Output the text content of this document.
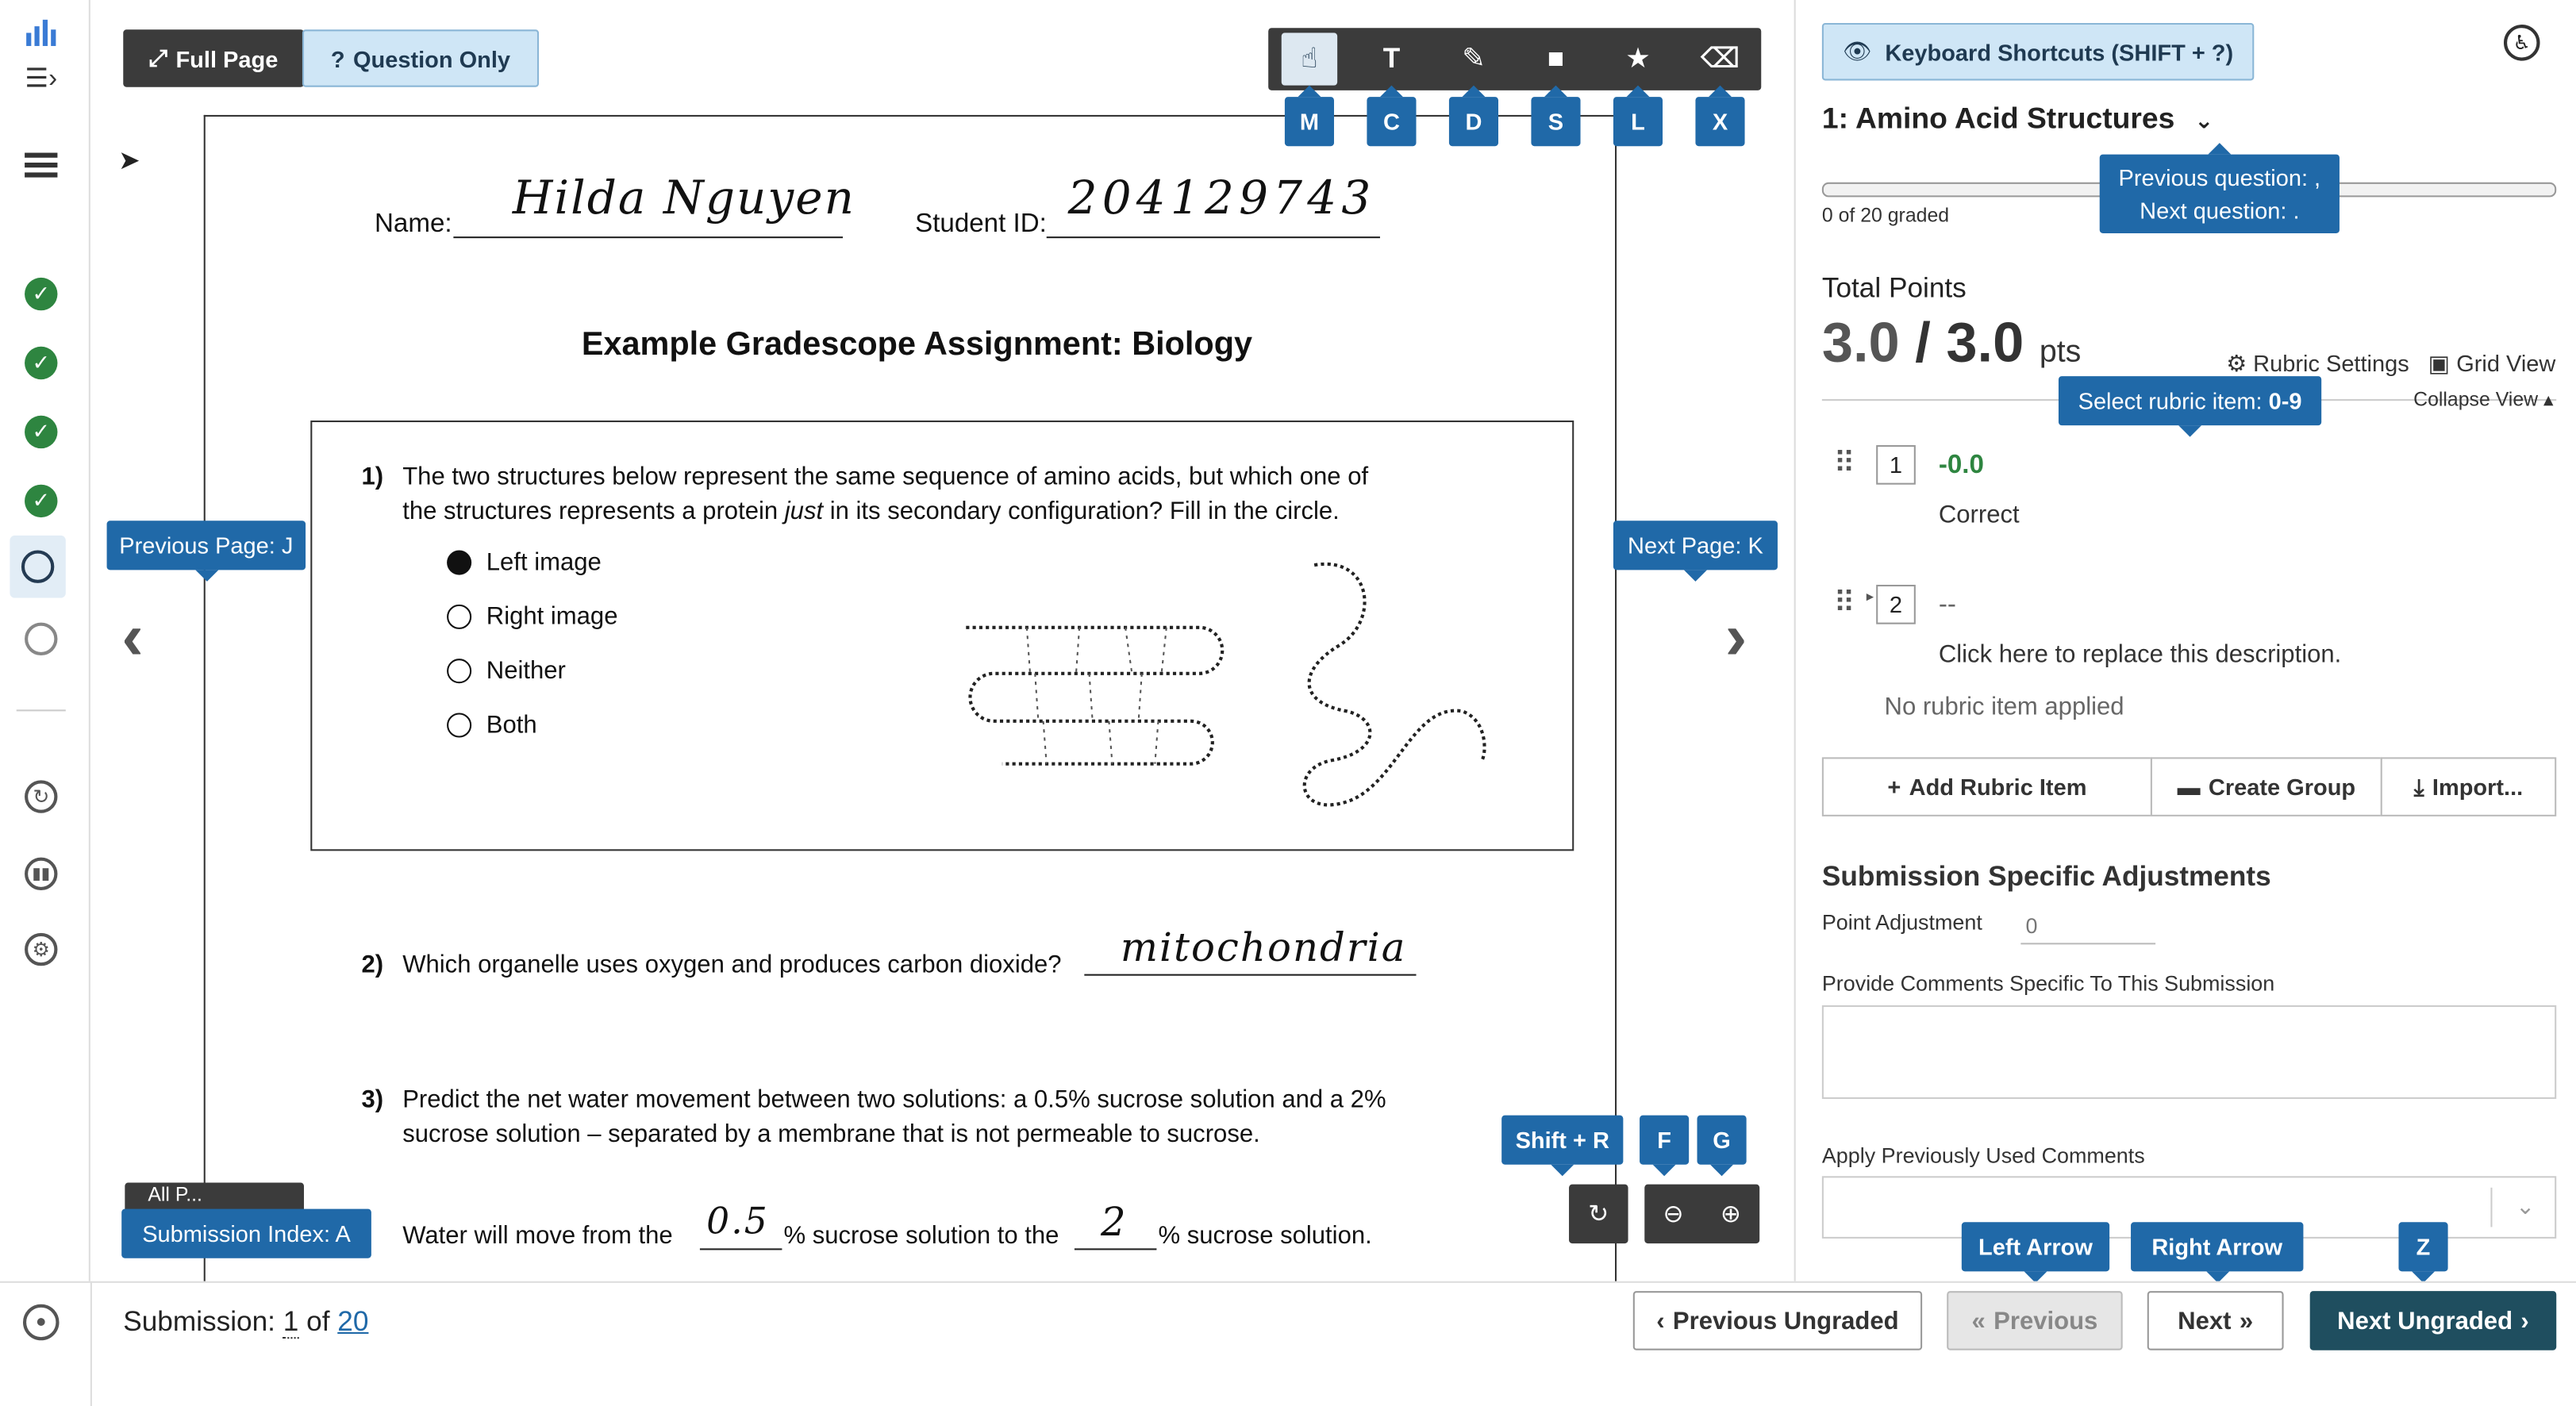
☰›
✓
✓
✓
✓
↻
▮▮
⚙
➤
⤢ Full Page	? Question Only
Name:	Hilda Nguyen	Student ID: 204129743
Example Gradescope Assignment: Biology
1) The two structures below represent the same sequence of amino acids, but which one of
the structures represents a protein just in its secondary configuration? Fill in the circle.
Left image
Right image
Neither
Both
2) Which organelle uses oxygen and produces carbon dioxide?	mitochondria
3) Predict the net water movement between two solutions: a 0.5% sucrose solution and a 2%
sucrose solution – separated by a membrane that is not permeable to sucrose.
Water will move from the 0.5 % sucrose solution to the 2	% sucrose solution.
Previous Page: J
‹
Next Page: K
›
All P...
Submission Index: A
Shift + R	F	G
↻	⊖	⊕
👁 Keyboard Shortcuts (SHIFT + ?)	♿
1: Amino Acid Structures ⌄
0 of 20 graded
Previous question: ,
Next question: .
Total Points
3.0 / 3.0 pts	⚙ Rubric Settings ▣ Grid View
Collapse View ▴
Select rubric item:
0-9
⠿	1	-0.0
Correct
⠿ ▸	2	--
Click here to replace this description.
No rubric item applied
+ Add Rubric Item	▬ Create Group	⤓ Import...
Submission Specific Adjustments
Point Adjustment	0
Provide Comments Specific To This Submission
Apply Previously Used Comments
⌄
Left Arrow	Right Arrow	Z
●	Submission: 1 of 20	‹ Previous Ungraded	« Previous	Next »	Next Ungraded ›
☝
M
T
C
✎
D
■
S
★
L
⌫
X
